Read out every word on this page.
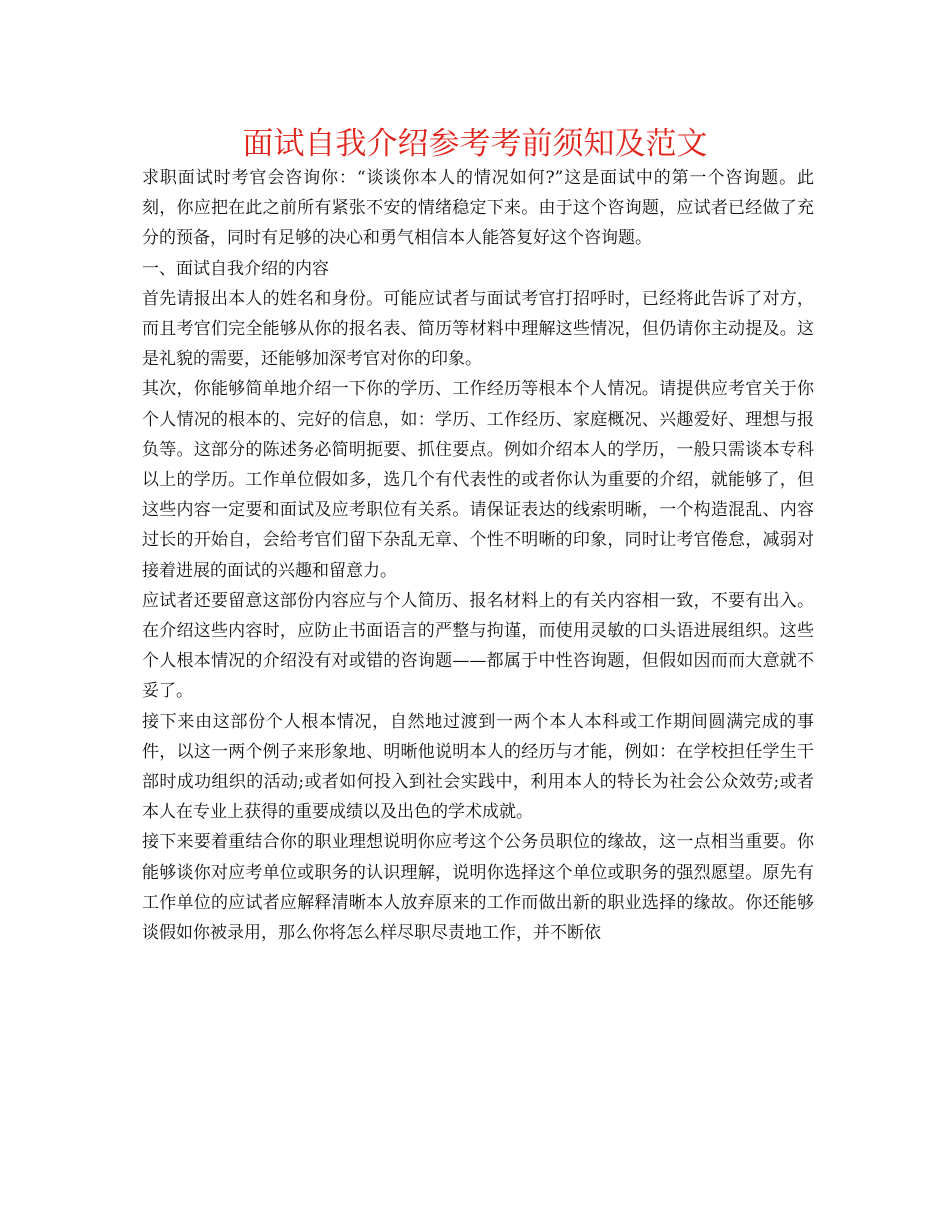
面试自我介绍参考考前须知及范文

求职面试时考官会咨询你：“谈谈你本人的情况如何?”这是面试中的第一个咨询题。此刻，你应把在此之前所有紧张不安的情绪稳定下来。由于这个咨询题，应试者已经做了充分的预备，同时有足够的决心和勇气相信本人能答复好这个咨询题。

一、面试自我介绍的内容

首先请报出本人的姓名和身份。可能应试者与面试考官打招呼时，已经将此告诉了对方，而且考官们完全能够从你的报名表、简历等材料中理解这些情况，但仍请你主动提及。这是礼貌的需要，还能够加深考官对你的印象。

其次，你能够简单地介绍一下你的学历、工作经历等根本个人情况。请提供应考官关于你个人情况的根本的、完好的信息，如：学历、工作经历、家庭概况、兴趣爱好、理想与报负等。这部分的陈述务必简明扼要、抓住要点。例如介绍本人的学历，一般只需谈本专科以上的学历。工作单位假如多，选几个有代表性的或者你认为重要的介绍，就能够了，但这些内容一定要和面试及应考职位有关系。请保证表达的线索明晰，一个构造混乱、内容过长的开始自，会给考官们留下杂乱无章、个性不明晰的印象，同时让考官倦怠，减弱对接着进展的面试的兴趣和留意力。

应试者还要留意这部份内容应与个人简历、报名材料上的有关内容相一致，不要有出入。在介绍这些内容时，应防止书面语言的严整与拘谨，而使用灵敏的口头语进展组织。这些个人根本情况的介绍没有对或错的咨询题——都属于中性咨询题，但假如因而而大意就不妥了。

接下来由这部份个人根本情况，自然地过渡到一两个本人本科或工作期间圆满完成的事件，以这一两个例子来形象地、明晰他说明本人的经历与才能，例如：在学校担任学生干部时成功组织的活动;或者如何投入到社会实践中，利用本人的特长为社会公众效劳;或者本人在专业上获得的重要成绩以及出色的学术成就。

接下来要着重结合你的职业理想说明你应考这个公务员职位的缘故，这一点相当重要。你能够谈你对应考单位或职务的认识理解，说明你选择这个单位或职务的强烈愿望。原先有工作单位的应试者应解释清晰本人放弃原来的工作而做出新的职业选择的缘故。你还能够谈假如你被录用，那么你将怎么样尽职尽责地工作，并不断依
